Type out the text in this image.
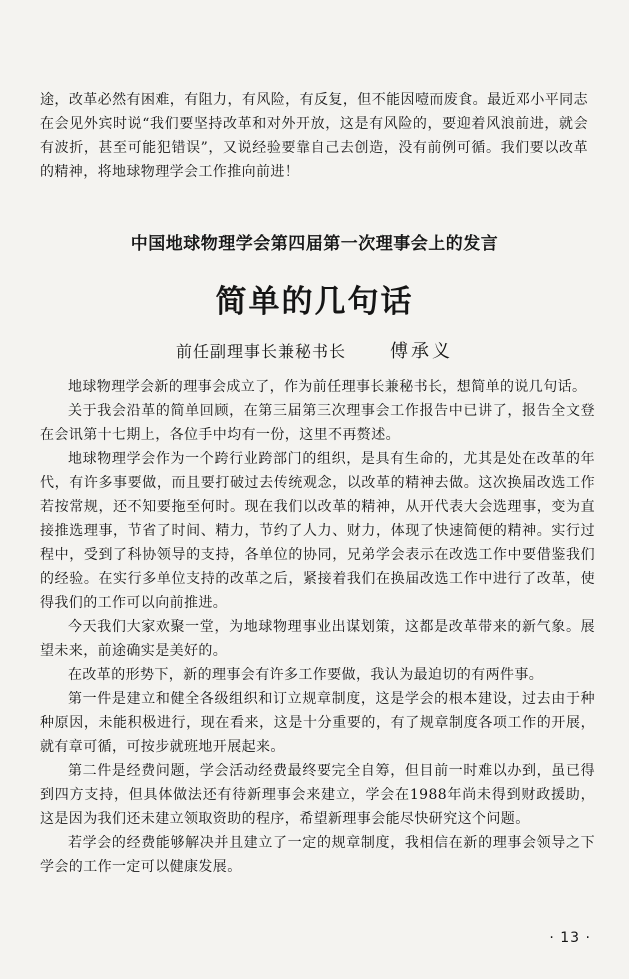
途，改革必然有困难，有阻力，有风险，有反复，但不能因噎而废食。最近邓小平同志在会见外宾时说“我们要坚持改革和对外开放，这是有风险的，要迎着风浪前进，就会有波折，甚至可能犯错误”，又说经验要靠自己去创造，没有前例可循。我们要以改革的精神，将地球物理学会工作推向前进！

中国地球物理学会第四届第一次理事会上的发言
简单的几句话

前任副理事长兼秘书长 傅承义

地球物理学会新的理事会成立了，作为前任理事长兼秘书长，想简单的说几句话。

关于我会沿革的简单回顾，在第三届第三次理事会工作报告中已讲了，报告全文登在会讯第十七期上，各位手中均有一份，这里不再赘述。

地球物理学会作为一个跨行业跨部门的组织，是具有生命的，尤其是处在改革的年代，有许多事要做，而且要打破过去传统观念，以改革的精神去做。这次换届改选工作若按常规，还不知要拖至何时。现在我们以改革的精神，从开代表大会选理事，变为直接推选理事，节省了时间、精力，节约了人力、财力，体现了快速简便的精神。实行过程中，受到了科协领导的支持，各单位的协同，兄弟学会表示在改选工作中要借鉴我们的经验。在实行多单位支持的改革之后，紧接着我们在换届改选工作中进行了改革，使得我们的工作可以向前推进。

今天我们大家欢聚一堂，为地球物理事业出谋划策，这都是改革带来的新气象。展望未来，前途确实是美好的。

在改革的形势下，新的理事会有许多工作要做，我认为最迫切的有两件事。

第一件是建立和健全各级组织和订立规章制度，这是学会的根本建设，过去由于种种原因，未能积极进行，现在看来，这是十分重要的，有了规章制度各项工作的开展，就有章可循，可按步就班地开展起来。

第二件是经费问题，学会活动经费最终要完全自筹，但目前一时难以办到，虽已得到四方支持，但具体做法还有待新理事会来建立，学会在1988年尚未得到财政援助，这是因为我们还未建立领取资助的程序，希望新理事会能尽快研究这个问题。

若学会的经费能够解决并且建立了一定的规章制度，我相信在新的理事会领导之下学会的工作一定可以健康发展。

· 13 ·
